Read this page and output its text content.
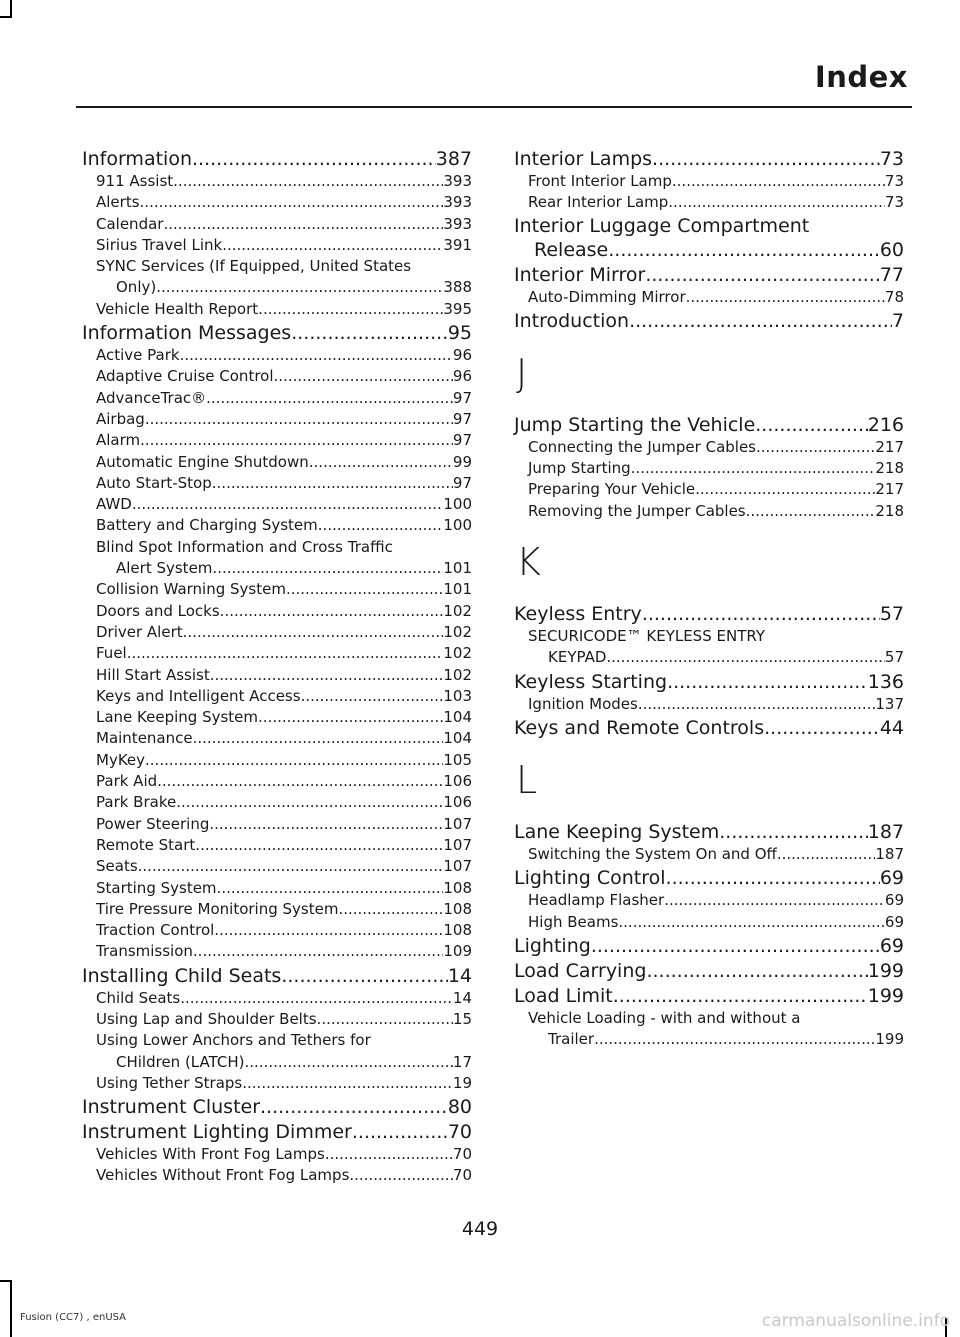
Index
Information .....	387
911 Assist .....	393
Alerts .....	393
Calendar .....	393
Sirius Travel Link .....	391
SYNC Services (If Equipped, United States
Only) .....	388
Vehicle Health Report .....	395
Information Messages .....	95
Active Park .....	96
Adaptive Cruise Control .....	96
AdvanceTrac® .....	97
Airbag .....	97
Alarm .....	97
Automatic Engine Shutdown .....	99
Auto Start-Stop .....	97
AWD .....	100
Battery and Charging System .....	100
Blind Spot Information and Cross Traffic
Alert System .....	101
Collision Warning System .....	101
Doors and Locks .....	102
Driver Alert .....	102
Fuel .....	102
Hill Start Assist .....	102
Keys and Intelligent Access .....	103
Lane Keeping System .....	104
Maintenance .....	104
MyKey .....	105
Park Aid .....	106
Park Brake .....	106
Power Steering .....	107
Remote Start .....	107
Seats .....	107
Starting System .....	108
Tire Pressure Monitoring System .....	108
Traction Control .....	108
Transmission .....	109
Installing Child Seats .....	14
Child Seats .....	14
Using Lap and Shoulder Belts .....	15
Using Lower Anchors and Tethers for
CHildren (LATCH) .....	17
Using Tether Straps .....	19
Instrument Cluster .....	80
Instrument Lighting Dimmer .....	70
Vehicles With Front Fog Lamps .....	70
Vehicles Without Front Fog Lamps .....	70
Interior Lamps .....	73
Front Interior Lamp .....	73
Rear Interior Lamp .....	73
Interior Luggage Compartment
Release .....	60
Interior Mirror .....	77
Auto-Dimming Mirror .....	78
Introduction .....	7
J
Jump Starting the Vehicle .....	216
Connecting the Jumper Cables .....	217
Jump Starting .....	218
Preparing Your Vehicle .....	217
Removing the Jumper Cables .....	218
K
Keyless Entry .....	57
SECURICODE™ KEYLESS ENTRY
KEYPAD .....	57
Keyless Starting .....	136
Ignition Modes .....	137
Keys and Remote Controls .....	44
L
Lane Keeping System .....	187
Switching the System On and Off .....	187
Lighting Control .....	69
Headlamp Flasher .....	69
High Beams .....	69
Lighting .....	69
Load Carrying .....	199
Load Limit .....	199
Vehicle Loading - with and without a
Trailer .....	199
449
Fusion (CC7) , enUSA	carmanualsonline.info
